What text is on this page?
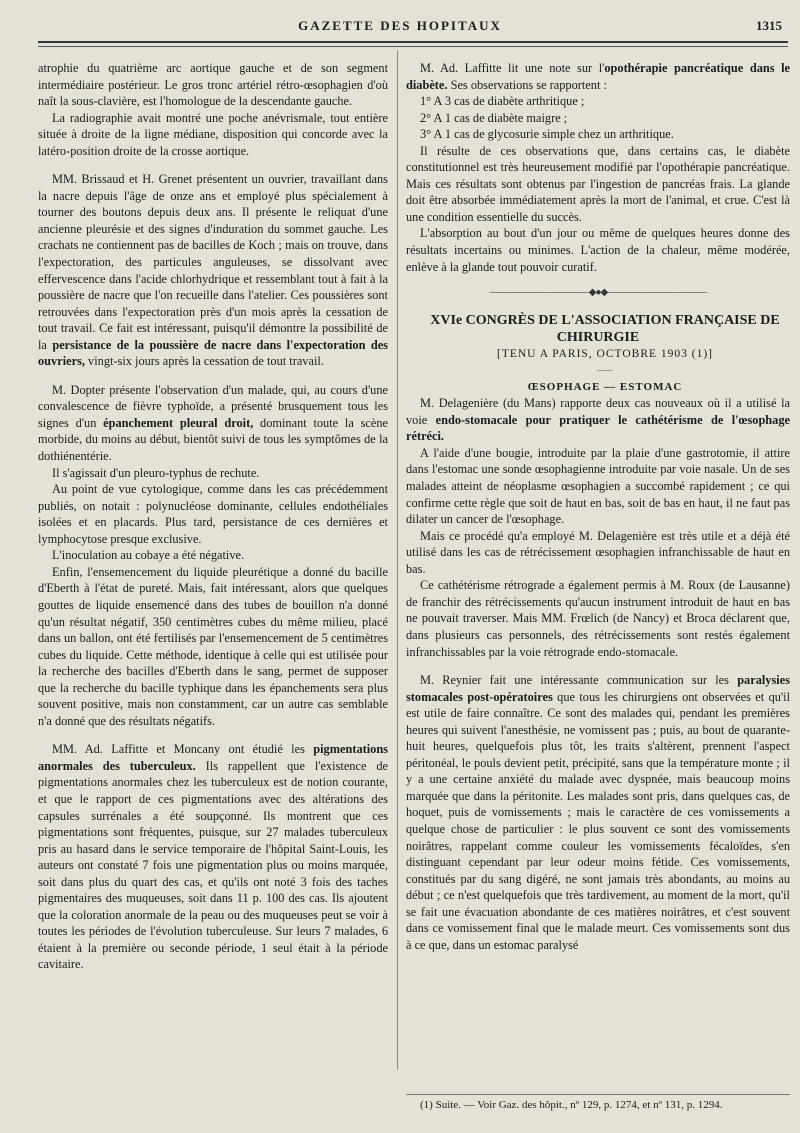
GAZETTE DES HOPITAUX	1315

atrophie du quatrième arc aortique gauche et de son segment intermédiaire postérieur. Le gros tronc artériel rétro-œsophagien d'où naît la sous-clavière, est l'homologue de la descendante gauche.

La radiographie avait montré une poche anévrismale, tout entière située à droite de la ligne médiane, disposition qui concorde avec la latéro-position droite de la crosse aortique.

MM. Brissaud et H. Grenet présentent un ouvrier, travaillant dans la nacre depuis l'âge de onze ans et employé plus spécialement à tourner des boutons depuis deux ans. Il présente le reliquat d'une ancienne pleurésie et des signes d'induration du sommet gauche. Les crachats ne contiennent pas de bacilles de Koch ; mais on trouve, dans l'expectoration, des particules anguleuses, se dissolvant avec effervescence dans l'acide chlorhydrique et ressemblant tout à fait à la poussière de nacre que l'on recueille dans l'atelier. Ces poussières sont retrouvées dans l'expectoration près d'un mois après la cessation de tout travail. Ce fait est intéressant, puisqu'il démontre la possibilité de la persistance de la poussière de nacre dans l'expectoration des ouvriers, vingt-six jours après la cessation de tout travail.

M. Dopter présente l'observation d'un malade, qui, au cours d'une convalescence de fièvre typhoïde, a présenté brusquement tous les signes d'un épanchement pleural droit, dominant toute la scène morbide, du moins au début, bientôt suivi de tous les symptômes de la dothiénentérie.

Il s'agissait d'un pleuro-typhus de rechute.

Au point de vue cytologique, comme dans les cas précédemment publiés, on notait : polynucléose dominante, cellules endothéliales isolées et en placards. Plus tard, persistance de ces dernières et lymphocytose presque exclusive.

L'inoculation au cobaye a été négative.

Enfin, l'ensemencement du liquide pleurétique a donné du bacille d'Eberth à l'état de pureté. Mais, fait intéressant, alors que quelques gouttes de liquide ensemencé dans des tubes de bouillon n'a donné qu'un résultat négatif, 350 centimètres cubes du même milieu, placé dans un ballon, ont été fertilisés par l'ensemencement de 5 centimètres cubes du liquide. Cette méthode, identique à celle qui est utilisée pour la recherche des bacilles d'Eberth dans le sang, permet de supposer que la recherche du bacille typhique dans les épanchements sera plus souvent positive, mais non constamment, car un autre cas semblable n'a donné que des résultats négatifs.

MM. Ad. Laffitte et Moncany ont étudié les pigmentations anormales des tuberculeux. Ils rappellent que l'existence de pigmentations anormales chez les tuberculeux est de notion courante, et que le rapport de ces pigmentations avec des altérations des capsules surrénales a été soupçonné. Ils montrent que ces pigmentations sont fréquentes, puisque, sur 27 malades tuberculeux pris au hasard dans le service temporaire de l'hôpital Saint-Louis, les auteurs ont constaté 7 fois une pigmentation plus ou moins marquée, soit dans plus du quart des cas, et qu'ils ont noté 3 fois des taches pigmentaires des muqueuses, soit dans 11 p. 100 des cas. Ils ajoutent que la coloration anormale de la peau ou des muqueuses peut se voir à toutes les périodes de l'évolution tuberculeuse. Sur leurs 7 malades, 6 étaient à la première ou seconde période, 1 seul était à la période cavitaire.

M. Ad. Laffitte lit une note sur l'opothérapie pancréatique dans le diabète. Ses observations se rapportent :

1° A 3 cas de diabète arthritique ;

2° A 1 cas de diabète maigre ;

3° A 1 cas de glycosurie simple chez un arthritique.

Il résulte de ces observations que, dans certains cas, le diabète constitutionnel est très heureusement modifié par l'opothérapie pancréatique. Mais ces résultats sont obtenus par l'ingestion de pancréas frais. La glande doit être absorbée immédiatement après la mort de l'animal, et crue. C'est là une condition essentielle du succès.

L'absorption au bout d'un jour ou même de quelques heures donne des résultats incertains ou minimes. L'action de la chaleur, même modérée, enlève à la glande tout pouvoir curatif.

———————————◆●◆———————————

XVIe CONGRÈS DE L'ASSOCIATION FRANÇAISE DE CHIRURGIE

[TENU A PARIS, OCTOBRE 1903 (1)]

——

ŒSOPHAGE — ESTOMAC

M. Delagenière (du Mans) rapporte deux cas nouveaux où il a utilisé la voie endo-stomacale pour pratiquer le cathétérisme de l'œsophage rétréci.

A l'aide d'une bougie, introduite par la plaie d'une gastrotomie, il attire dans l'estomac une sonde œsophagienne introduite par voie nasale. Un de ses malades atteint de néoplasme œsophagien a succombé rapidement ; ce qui confirme cette règle que soit de haut en bas, soit de bas en haut, il ne faut pas dilater un cancer de l'œsophage.

Mais ce procédé qu'a employé M. Delagenière est très utile et a déjà été utilisé dans les cas de rétrécissement œsophagien infranchissable de haut en bas.

Ce cathétérisme rétrograde a également permis à M. Roux (de Lausanne) de franchir des rétrécissements qu'aucun instrument introduit de haut en bas ne pouvait traverser. Mais MM. Frœlich (de Nancy) et Broca déclarent que, dans plusieurs cas personnels, des rétrécissements sont restés également infranchissables par la voie rétrograde endo-stomacale.

M. Reynier fait une intéressante communication sur les paralysies stomacales post-opératoires que tous les chirurgiens ont observées et qu'il est utile de faire connaître. Ce sont des malades qui, pendant les premières heures qui suivent l'anesthésie, ne vomissent pas ; puis, au bout de quarante-huit heures, quelquefois plus tôt, les traits s'altèrent, prennent l'aspect péritonéal, le pouls devient petit, précipité, sans que la température monte ; il y a une certaine anxiété du malade avec dyspnée, mais beaucoup moins marquée que dans la péritonite. Les malades sont pris, dans quelques cas, de hoquet, puis de vomissements ; mais le caractère de ces vomissements a quelque chose de particulier : le plus souvent ce sont des vomissements noirâtres, rappelant comme couleur les vomissements fécaloïdes, s'en distinguant cependant par leur odeur moins fétide. Ces vomissements, constitués par du sang digéré, ne sont jamais très abondants, au moins au début ; ce n'est quelquefois que très tardivement, au moment de la mort, qu'il se fait une évacuation abondante de ces matières noirâtres, et c'est souvent dans ce vomissement final que le malade meurt. Ces vomissements sont dus à ce que, dans un estomac paralysé

(1) Suite. — Voir Gaz. des hôpit., nº 129, p. 1274, et nº 131, p. 1294.
